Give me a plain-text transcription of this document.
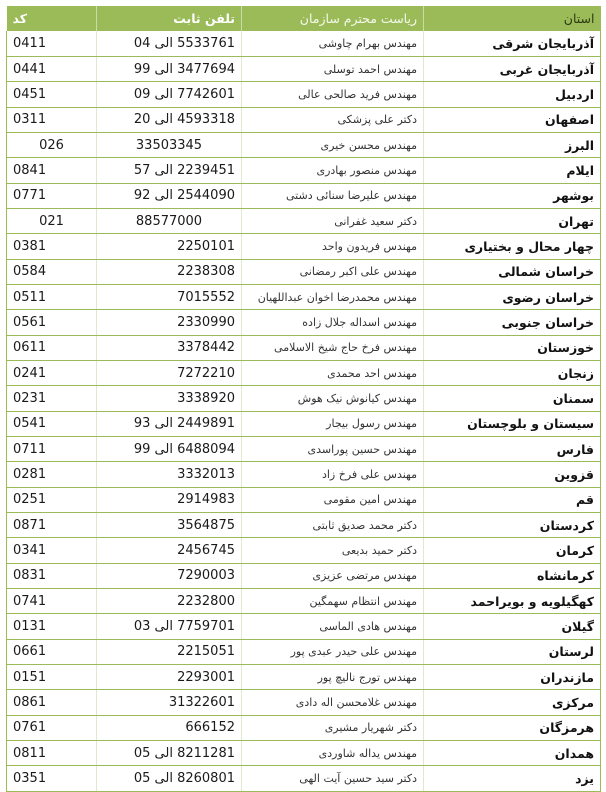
کد	تلفن ثابت	ریاست محترم سازمان	استان
0411	5533761 الی 04	مهندس بهرام چاوشی	آذربایجان شرقی
0441	3477694 الی 99	مهندس احمد توسلی	آذربایجان غربی
0451	7742601 الی 09	مهندس فرید صالحی عالی	اردبیل
0311	4593318 الی 20	دکتر علی پزشکی	اصفهان
026	33503345	مهندس محسن خیری	البرز
0841	2239451 الی 57	مهندس منصور بهادری	ایلام
0771	2544090 الی 92	مهندس علیرضا سنائی دشتی	بوشهر
021	88577000	دکتر سعید غفرانی	تهران
0381	2250101	مهندس فریدون واحد	چهار محال و بختیاری
0584	2238308	مهندس علی اکبر رمضانی	خراسان شمالی
0511	7015552	مهندس محمدرضا اخوان عبداللهیان	خراسان رضوی
0561	2330990	مهندس اسداله جلال زاده	خراسان جنوبی
0611	3378442	مهندس فرخ حاج شیخ الاسلامی	خوزستان
0241	7272210	مهندس احد محمدی	زنجان
0231	3338920	مهندس کیانوش نیک هوش	سمنان
0541	2449891 الی 93	مهندس رسول بیجار	سیستان و بلوچستان
0711	6488094 الی 99	مهندس حسین پوراسدی	فارس
0281	3332013	مهندس علی فرخ زاد	قزوین
0251	2914983	مهندس امین مقومی	قم
0871	3564875	دکتر محمد صدیق ثابتی	کردستان
0341	2456745	دکتر حمید بدیعی	کرمان
0831	7290003	مهندس مرتضی عزیزی	کرمانشاه
0741	2232800	مهندس انتظام سهمگین	کهگیلویه و بویراحمد
0131	7759701 الی 03	مهندس هادی الماسی	گیلان
0661	2215051	مهندس علی حیدر عبدی پور	لرستان
0151	2293001	مهندس تورج نالیچ پور	مازندران
0861	31322601	مهندس غلامحسن اله دادی	مرکزی
0761	666152	دکتر شهریار مشیری	هرمزگان
0811	8211281 الی 05	مهندس یداله شاوردی	همدان
0351	8260801 الی 05	دکتر سید حسین آیت الهی	یزد
